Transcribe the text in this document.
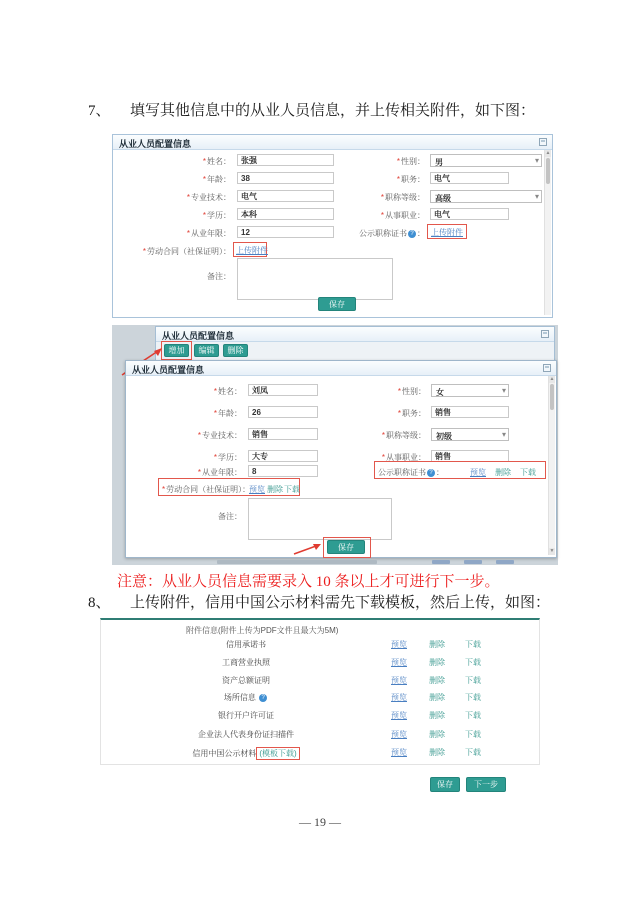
7、 填写其他信息中的从业人员信息，并上传相关附件，如下图：
从业人员配置信息
*姓名：
张强	*性别： 男	▾
*年龄：
38	*职务：
电气
*专业技术：
电气	*职称等级： 高级	▾
*学历：
本科	*从事职业：
电气
*从业年限：
12	公示职称证书 ? ： 上传附件
*劳动合同（社保证明）： 上传附件
备注：
保存
▲
从业人员配置信息
增加	编辑	删除
从业人员配置信息
*姓名：
刘凤	*性别： 女	▾
*年龄：
26	*职务：
销售
*专业技术：
销售	*职称等级： 初级	▾
*学历：
大专	*从事职业：
销售
*从业年限：
8	公示职称证书 ? ：	预览 删除 下载
*劳动合同（社保证明）：
预览 删除 下载
备注：
保存
▲
▼
注意：从业人员信息需要录入 10 条以上才可进行下一步。
8、 上传附件，信用中国公示材料需先下载模板，然后上传，如图：
附件信息(附件上传为PDF文件且最大为5M)
信用承诺书	预览	删除	下载
工商营业执照	预览	删除	下载
资产总额证明	预览	删除	下载
场所信息 ?	预览	删除	下载
银行开户许可证	预览	删除	下载
企业法人代表身份证扫描件	预览	删除	下载
信用中国公示材料 (模板下载)	预览	删除	下载
保存	下一步
— 19 —
